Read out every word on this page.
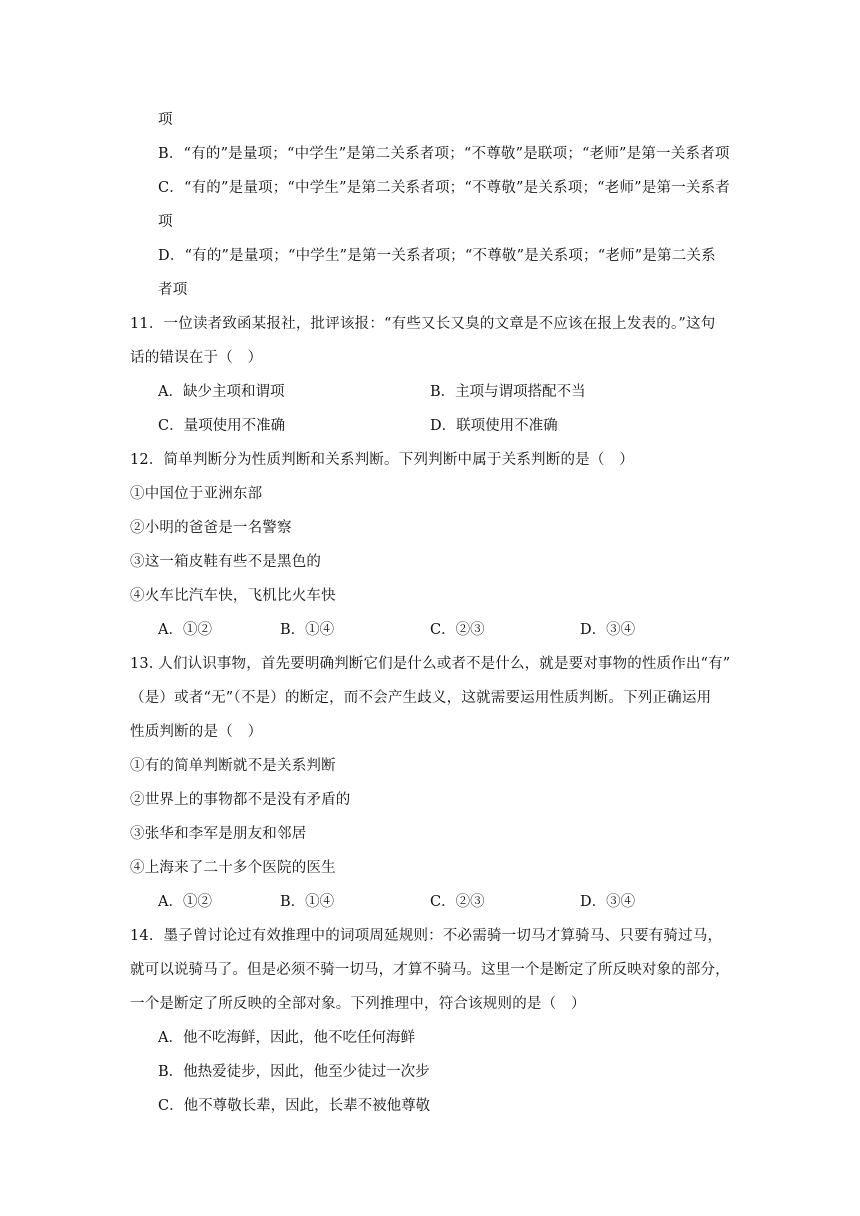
项
B．“有的”是量项；“中学生”是第二关系者项；“不尊敬”是联项；“老师”是第一关系者项
C．“有的”是量项；“中学生”是第二关系者项；“不尊敬”是关系项；“老师”是第一关系者
项
D．“有的”是量项；“中学生”是第一关系者项；“不尊敬”是关系项；“老师”是第二关系
者项
11．一位读者致函某报社，批评该报：“有些又长又臭的文章是不应该在报上发表的。”这句
话的错误在于（　）
A．缺少主项和谓项	B．主项与谓项搭配不当
C．量项使用不准确	D．联项使用不准确
12．简单判断分为性质判断和关系判断。下列判断中属于关系判断的是（　）
①中国位于亚洲东部
②小明的爸爸是一名警察
③这一箱皮鞋有些不是黑色的
④火车比汽车快，飞机比火车快
A．①②	B．①④	C．②③	D．③④
13. 人们认识事物，首先要明确判断它们是什么或者不是什么，就是要对事物的性质作出“有”
（是）或者“无”（不是）的断定，而不会产生歧义，这就需要运用性质判断。下列正确运用
性质判断的是（　）
①有的简单判断就不是关系判断
②世界上的事物都不是没有矛盾的
③张华和李军是朋友和邻居
④上海来了二十多个医院的医生
A．①②	B．①④	C．②③	D．③④
14．墨子曾讨论过有效推理中的词项周延规则：不必需骑一切马才算骑马、只要有骑过马，
就可以说骑马了。但是必须不骑一切马，才算不骑马。这里一个是断定了所反映对象的部分，
一个是断定了所反映的全部对象。下列推理中，符合该规则的是（　）
A．他不吃海鲜，因此，他不吃任何海鲜
B．他热爱徒步，因此，他至少徒过一次步
C．他不尊敬长辈，因此，长辈不被他尊敬
